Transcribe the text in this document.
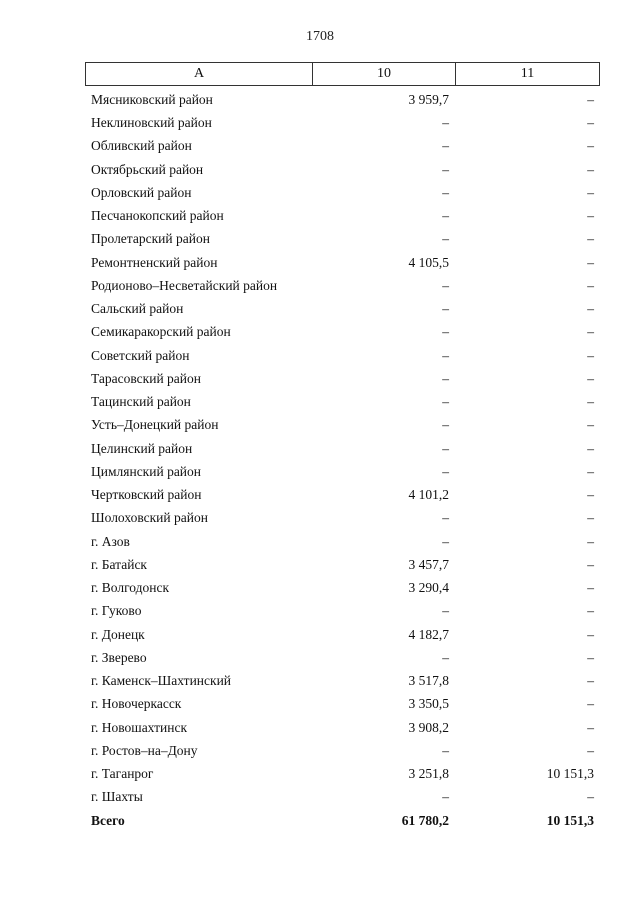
1708
А	10	11
Мясниковский район	3 959,7	–
Неклиновский район	–	–
Обливский район	–	–
Октябрьский район	–	–
Орловский район	–	–
Песчанокопский район	–	–
Пролетарский район	–	–
Ремонтненский район	4 105,5	–
Родионово–Несветайский район	–	–
Сальский район	–	–
Семикаракорский район	–	–
Советский район	–	–
Тарасовский район	–	–
Тацинский район	–	–
Усть–Донецкий район	–	–
Целинский район	–	–
Цимлянский район	–	–
Чертковский район	4 101,2	–
Шолоховский район	–	–
г. Азов	–	–
г. Батайск	3 457,7	–
г. Волгодонск	3 290,4	–
г. Гуково	–	–
г. Донецк	4 182,7	–
г. Зверево	–	–
г. Каменск–Шахтинский	3 517,8	–
г. Новочеркасск	3 350,5	–
г. Новошахтинск	3 908,2	–
г. Ростов–на–Дону	–	–
г. Таганрог	3 251,8	10 151,3
г. Шахты	–	–
Всего	61 780,2	10 151,3
